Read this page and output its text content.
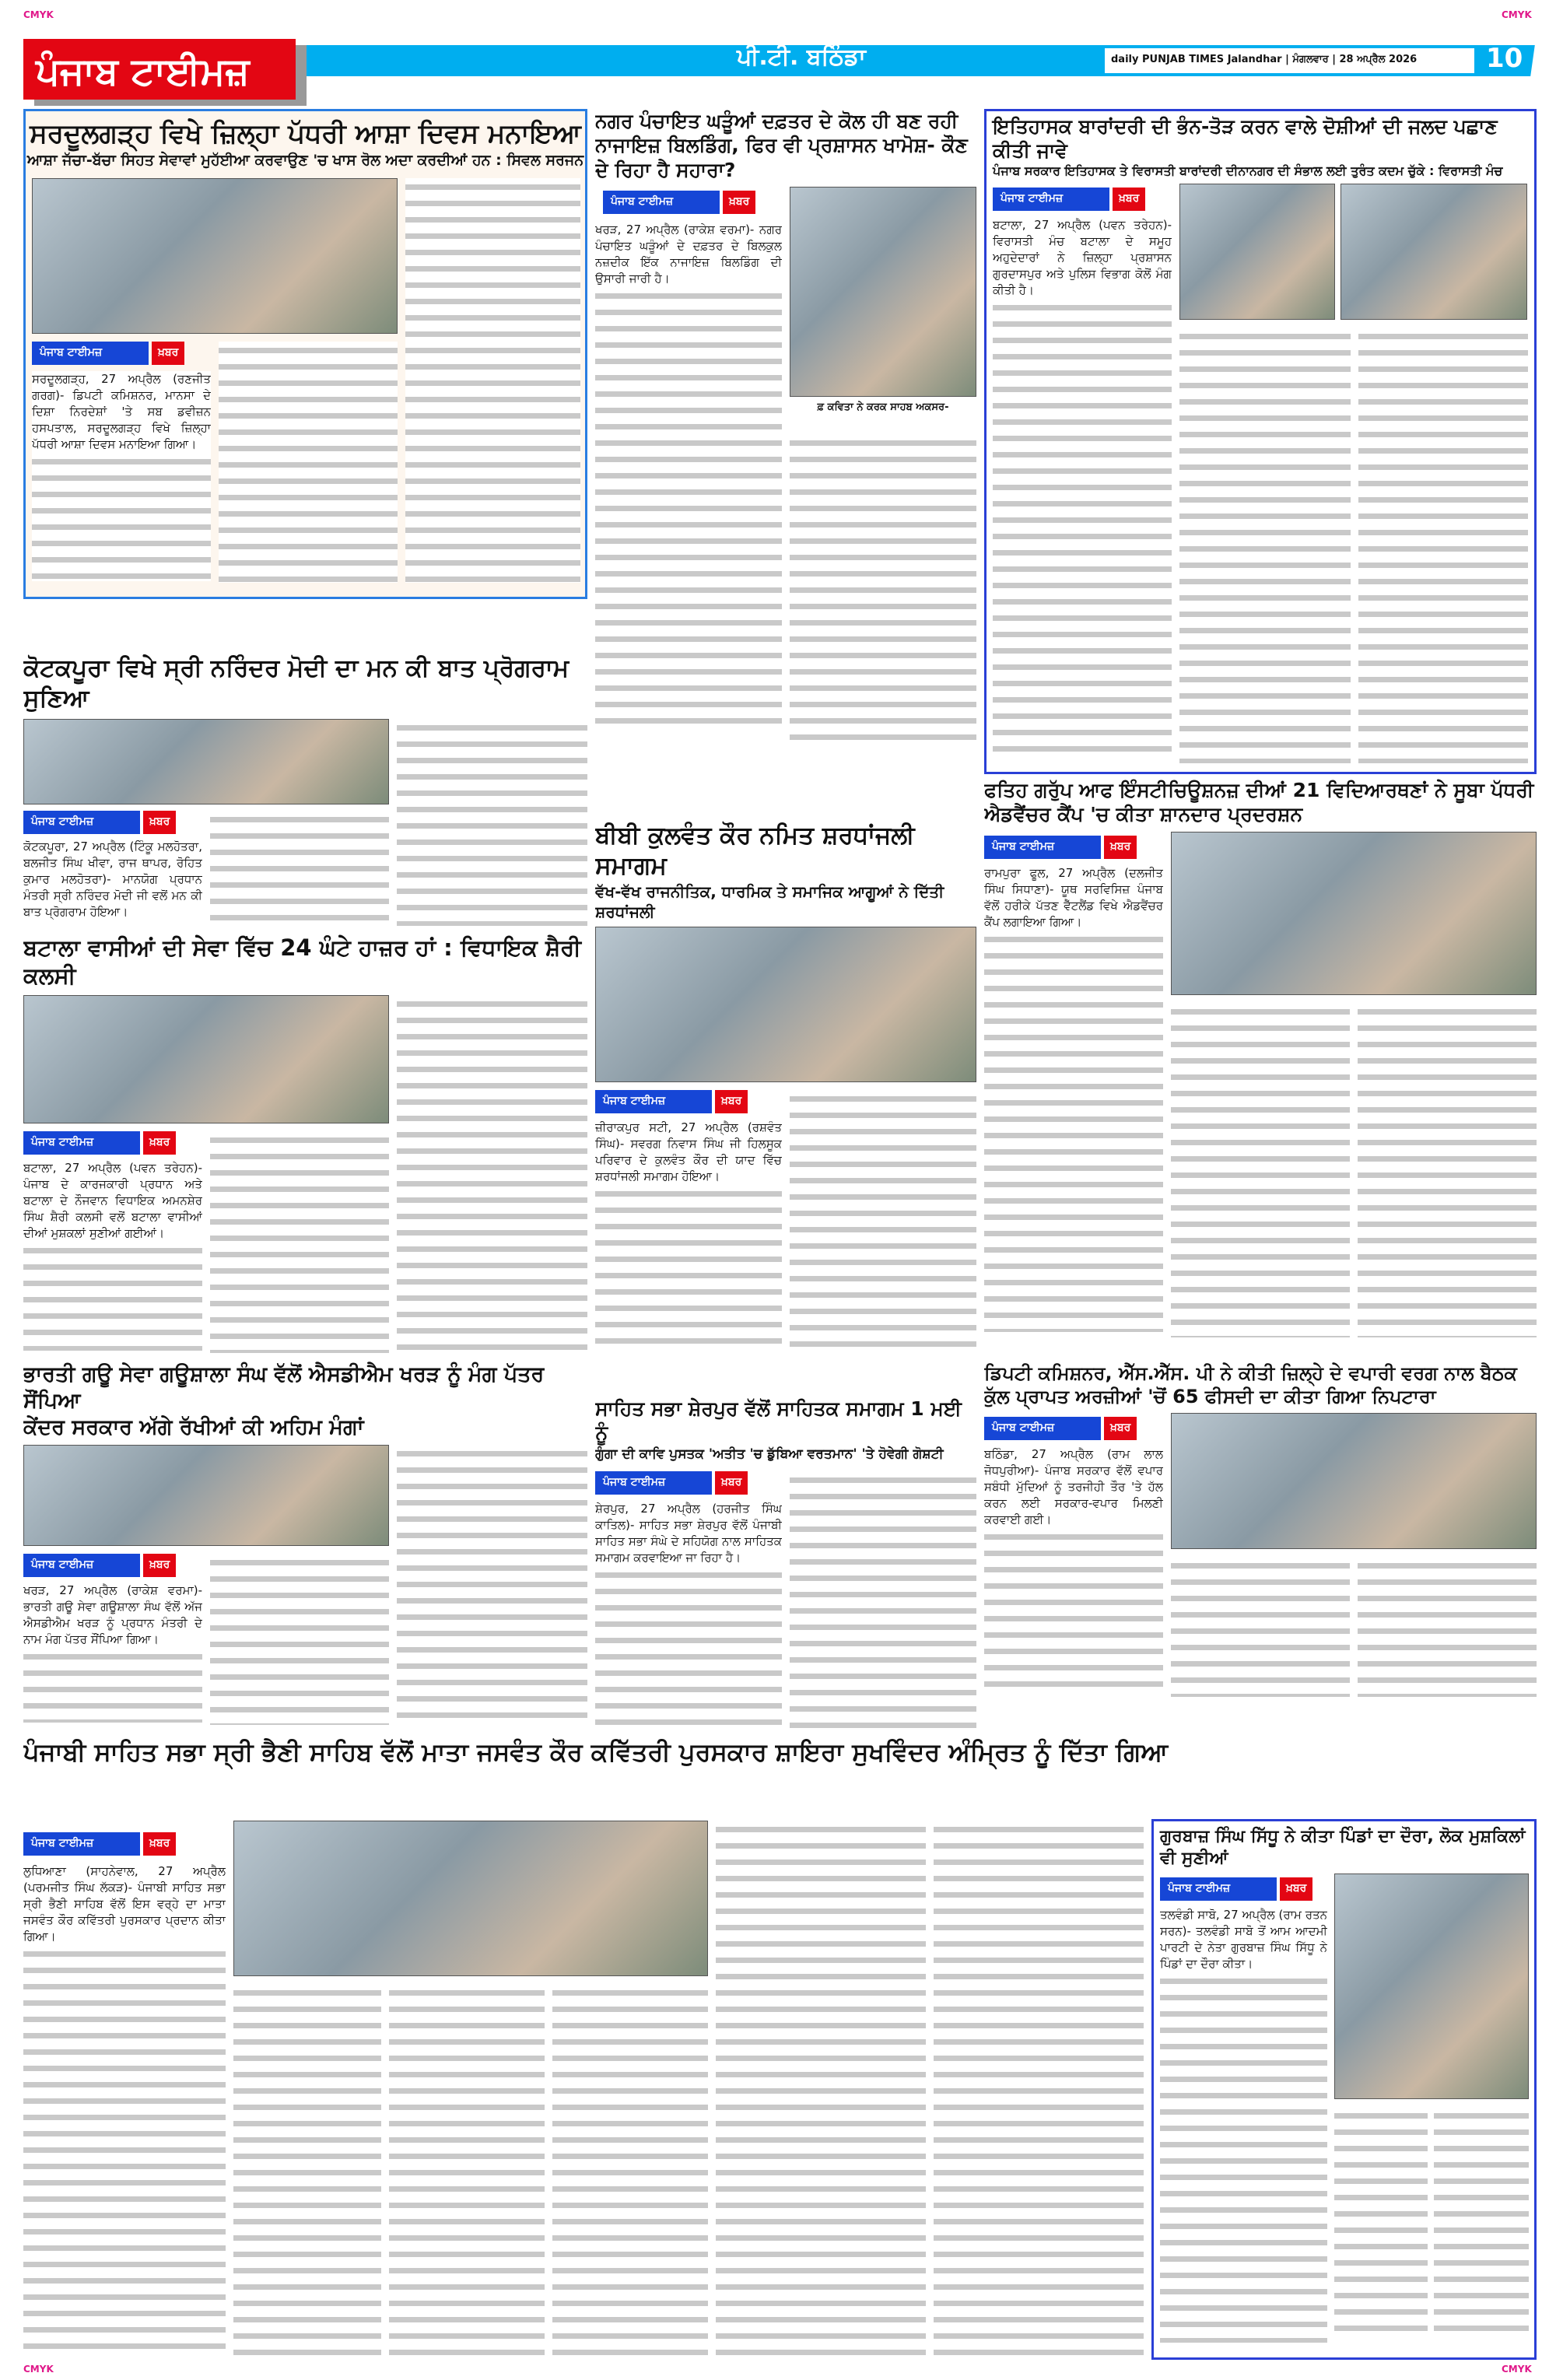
CMYK	CMYK
ਪੰਜਾਬ ਟਾਈਮਜ਼	ਪੀ.ਟੀ. ਬਠਿੰਡਾ	daily PUNJAB TIMES Jalandhar | ਮੰਗਲਵਾਰ | 28 ਅਪ੍ਰੈਲ 2026	10
ਸਰਦੂਲਗੜ੍ਹ ਵਿਖੇ ਜ਼ਿਲ੍ਹਾ ਪੱਧਰੀ ਆਸ਼ਾ ਦਿਵਸ ਮਨਾਇਆ
ਆਸ਼ਾ ਜੱਚਾ-ਬੱਚਾ ਸਿਹਤ ਸੇਵਾਵਾਂ ਮੁਹੱਈਆ ਕਰਵਾਉਣ 'ਚ ਖਾਸ ਰੋਲ ਅਦਾ ਕਰਦੀਆਂ ਹਨ : ਸਿਵਲ ਸਰਜਨ
ਪੰਜਾਬ ਟਾਈਮਜ਼	ਖ਼ਬਰ

ਸਰਦੂਲਗੜ੍ਹ, 27 ਅਪ੍ਰੈਲ (ਰਣਜੀਤ ਗਰਗ)- ਡਿਪਟੀ ਕਮਿਸ਼ਨਰ, ਮਾਨਸਾ ਦੇ ਦਿਸ਼ਾ ਨਿਰਦੇਸ਼ਾਂ 'ਤੇ ਸਬ ਡਵੀਜ਼ਨ ਹਸਪਤਾਲ, ਸਰਦੂਲਗੜ੍ਹ ਵਿਖੇ ਜ਼ਿਲ੍ਹਾ ਪੱਧਰੀ ਆਸ਼ਾ ਦਿਵਸ ਮਨਾਇਆ ਗਿਆ।

ਕੋਟਕਪੂਰਾ ਵਿਖੇ ਸ੍ਰੀ ਨਰਿੰਦਰ ਮੋਦੀ ਦਾ ਮਨ ਕੀ ਬਾਤ ਪ੍ਰੋਗਰਾਮ ਸੁਣਿਆ
ਪੰਜਾਬ ਟਾਈਮਜ਼	ਖ਼ਬਰ

ਕੋਟਕਪੂਰਾ, 27 ਅਪ੍ਰੈਲ (ਟਿੰਕੂ ਮਲਹੋਤਰਾ, ਬਲਜੀਤ ਸਿੰਘ ਖੀਵਾ, ਰਾਜ ਥਾਪਰ, ਰੋਹਿਤ ਕੁਮਾਰ ਮਲਹੋਤਰਾ)- ਮਾਨਯੋਗ ਪ੍ਰਧਾਨ ਮੰਤਰੀ ਸ੍ਰੀ ਨਰਿੰਦਰ ਮੋਦੀ ਜੀ ਵਲੋਂ ਮਨ ਕੀ ਬਾਤ ਪ੍ਰੋਗਰਾਮ ਹੋਇਆ।

ਬਟਾਲਾ ਵਾਸੀਆਂ ਦੀ ਸੇਵਾ ਵਿੱਚ 24 ਘੰਟੇ ਹਾਜ਼ਰ ਹਾਂ : ਵਿਧਾਇਕ ਸ਼ੈਰੀ ਕਲਸੀ
ਪੰਜਾਬ ਟਾਈਮਜ਼	ਖ਼ਬਰ

ਬਟਾਲਾ, 27 ਅਪ੍ਰੈਲ (ਪਵਨ ਤਰੇਹਨ)- ਪੰਜਾਬ ਦੇ ਕਾਰਜਕਾਰੀ ਪ੍ਰਧਾਨ ਅਤੇ ਬਟਾਲਾ ਦੇ ਨੌਜਵਾਨ ਵਿਧਾਇਕ ਅਮਨਸ਼ੇਰ ਸਿੰਘ ਸ਼ੈਰੀ ਕਲਸੀ ਵਲੋਂ ਬਟਾਲਾ ਵਾਸੀਆਂ ਦੀਆਂ ਮੁਸ਼ਕਲਾਂ ਸੁਣੀਆਂ ਗਈਆਂ।

ਭਾਰਤੀ ਗਊ ਸੇਵਾ ਗਊਸ਼ਾਲਾ ਸੰਘ ਵੱਲੋਂ ਐਸਡੀਐਮ ਖਰੜ ਨੂੰ ਮੰਗ ਪੱਤਰ ਸੌਂਪਿਆ
ਕੇਂਦਰ ਸਰਕਾਰ ਅੱਗੇ ਰੱਖੀਆਂ ਕੀ ਅਹਿਮ ਮੰਗਾਂ
ਪੰਜਾਬ ਟਾਈਮਜ਼	ਖ਼ਬਰ

ਖਰੜ, 27 ਅਪ੍ਰੈਲ (ਰਾਕੇਸ਼ ਵਰਮਾ)- ਭਾਰਤੀ ਗਊ ਸੇਵਾ ਗਊਸ਼ਾਲਾ ਸੰਘ ਵੱਲੋਂ ਅੱਜ ਐਸਡੀਐਮ ਖਰੜ ਨੂੰ ਪ੍ਰਧਾਨ ਮੰਤਰੀ ਦੇ ਨਾਮ ਮੰਗ ਪੱਤਰ ਸੌਂਪਿਆ ਗਿਆ।

ਨਗਰ ਪੰਚਾਇਤ ਘੜੂੰਆਂ ਦਫ਼ਤਰ ਦੇ ਕੋਲ ਹੀ ਬਣ ਰਹੀ ਨਾਜਾਇਜ਼ ਬਿਲਡਿੰਗ, ਫਿਰ ਵੀ ਪ੍ਰਸ਼ਾਸਨ ਖਾਮੋਸ਼- ਕੌਣ ਦੇ ਰਿਹਾ ਹੈ ਸਹਾਰਾ?
ਪੰਜਾਬ ਟਾਈਮਜ਼	ਖ਼ਬਰ

ਖਰੜ, 27 ਅਪ੍ਰੈਲ (ਰਾਕੇਸ਼ ਵਰਮਾ)- ਨਗਰ ਪੰਚਾਇਤ ਘੜੂੰਆਂ ਦੇ ਦਫ਼ਤਰ ਦੇ ਬਿਲਕੁਲ ਨਜ਼ਦੀਕ ਇੱਕ ਨਾਜਾਇਜ਼ ਬਿਲਡਿੰਗ ਦੀ ਉਸਾਰੀ ਜਾਰੀ ਹੈ।

ਫ਼ ਕਵਿਤਾ ਨੇ ਕਰਕ ਸਾਹਬ ਅਕਸਰ-
ਬੀਬੀ ਕੁਲਵੰਤ ਕੌਰ ਨਮਿਤ ਸ਼ਰਧਾਂਜਲੀ ਸਮਾਗਮ
ਵੱਖ-ਵੱਖ ਰਾਜਨੀਤਿਕ, ਧਾਰਮਿਕ ਤੇ ਸਮਾਜਿਕ ਆਗੂਆਂ ਨੇ ਦਿੱਤੀ ਸ਼ਰਧਾਂਜਲੀ
ਪੰਜਾਬ ਟਾਈਮਜ਼	ਖ਼ਬਰ

ਜ਼ੀਰਾਕਪੁਰ ਸਟੀ, 27 ਅਪ੍ਰੈਲ (ਰਸ਼ਵੰਤ ਸਿੰਘ)- ਸਵਰਗ ਨਿਵਾਸ ਸਿੰਘ ਜੀ ਹਿਲਸੂਕ ਪਰਿਵਾਰ ਦੇ ਕੁਲਵੰਤ ਕੌਰ ਦੀ ਯਾਦ ਵਿੱਚ ਸ਼ਰਧਾਂਜਲੀ ਸਮਾਗਮ ਹੋਇਆ।

ਸਾਹਿਤ ਸਭਾ ਸ਼ੇਰਪੁਰ ਵੱਲੋਂ ਸਾਹਿਤਕ ਸਮਾਗਮ 1 ਮਈ ਨੂੰ
ਗੁੰਗਾ ਦੀ ਕਾਵਿ ਪੁਸਤਕ 'ਅਤੀਤ 'ਚ ਡੁੱਬਿਆ ਵਰਤਮਾਨ' 'ਤੇ ਹੋਵੇਗੀ ਗੋਸ਼ਟੀ
ਪੰਜਾਬ ਟਾਈਮਜ਼	ਖ਼ਬਰ

ਸ਼ੇਰਪੁਰ, 27 ਅਪ੍ਰੈਲ (ਹਰਜੀਤ ਸਿੰਘ ਕਾਤਿਲ)- ਸਾਹਿਤ ਸਭਾ ਸ਼ੇਰਪੁਰ ਵੱਲੋਂ ਪੰਜਾਬੀ ਸਾਹਿਤ ਸਭਾ ਸੰਘੇ ਦੇ ਸਹਿਯੋਗ ਨਾਲ ਸਾਹਿਤਕ ਸਮਾਗਮ ਕਰਵਾਇਆ ਜਾ ਰਿਹਾ ਹੈ।

ਇਤਿਹਾਸਕ ਬਾਰਾਂਦਰੀ ਦੀ ਭੰਨ-ਤੋੜ ਕਰਨ ਵਾਲੇ ਦੋਸ਼ੀਆਂ ਦੀ ਜਲਦ ਪਛਾਣ ਕੀਤੀ ਜਾਵੇ
ਪੰਜਾਬ ਸਰਕਾਰ ਇਤਿਹਾਸਕ ਤੇ ਵਿਰਾਸਤੀ ਬਾਰਾਂਦਰੀ ਦੀਨਾਨਗਰ ਦੀ ਸੰਭਾਲ ਲਈ ਤੁਰੰਤ ਕਦਮ ਚੁੱਕੇ : ਵਿਰਾਸਤੀ ਮੰਚ
ਪੰਜਾਬ ਟਾਈਮਜ਼	ਖ਼ਬਰ

ਬਟਾਲਾ, 27 ਅਪ੍ਰੈਲ (ਪਵਨ ਤਰੇਹਨ)- ਵਿਰਾਸਤੀ ਮੰਚ ਬਟਾਲਾ ਦੇ ਸਮੂਹ ਅਹੁਦੇਦਾਰਾਂ ਨੇ ਜ਼ਿਲ੍ਹਾ ਪ੍ਰਸ਼ਾਸਨ ਗੁਰਦਾਸਪੁਰ ਅਤੇ ਪੁਲਿਸ ਵਿਭਾਗ ਕੋਲੋਂ ਮੰਗ ਕੀਤੀ ਹੈ।

ਫਤਿਹ ਗਰੁੱਪ ਆਫ ਇੰਸਟੀਚਿਊਸ਼ਨਜ਼ ਦੀਆਂ 21 ਵਿਦਿਆਰਥਣਾਂ ਨੇ ਸੂਬਾ ਪੱਧਰੀ ਐਡਵੈਂਚਰ ਕੈਂਪ 'ਚ ਕੀਤਾ ਸ਼ਾਨਦਾਰ ਪ੍ਰਦਰਸ਼ਨ
ਪੰਜਾਬ ਟਾਈਮਜ਼	ਖ਼ਬਰ

ਰਾਮਪੁਰਾ ਫੂਲ, 27 ਅਪ੍ਰੈਲ (ਦਲਜੀਤ ਸਿੰਘ ਸਿਧਾਣਾ)- ਯੂਥ ਸਰਵਿਸਿਜ਼ ਪੰਜਾਬ ਵੱਲੋਂ ਹਰੀਕੇ ਪੱਤਣ ਵੈੱਟਲੈਂਡ ਵਿਖੇ ਐਡਵੈਂਚਰ ਕੈਂਪ ਲਗਾਇਆ ਗਿਆ।

ਡਿਪਟੀ ਕਮਿਸ਼ਨਰ, ਐੱਸ.ਐੱਸ. ਪੀ ਨੇ ਕੀਤੀ ਜ਼ਿਲ੍ਹੇ ਦੇ ਵਪਾਰੀ ਵਰਗ ਨਾਲ ਬੈਠਕ
ਕੁੱਲ ਪ੍ਰਾਪਤ ਅਰਜ਼ੀਆਂ 'ਚੋਂ 65 ਫੀਸਦੀ ਦਾ ਕੀਤਾ ਗਿਆ ਨਿਪਟਾਰਾ
ਪੰਜਾਬ ਟਾਈਮਜ਼	ਖ਼ਬਰ

ਬਠਿੰਡਾ, 27 ਅਪ੍ਰੈਲ (ਰਾਮ ਲਾਲ ਜੋਧਪੁਰੀਆ)- ਪੰਜਾਬ ਸਰਕਾਰ ਵੱਲੋਂ ਵਪਾਰ ਸਬੰਧੀ ਮੁੱਦਿਆਂ ਨੂੰ ਤਰਜੀਹੀ ਤੌਰ 'ਤੇ ਹੱਲ ਕਰਨ ਲਈ ਸਰਕਾਰ-ਵਪਾਰ ਮਿਲਣੀ ਕਰਵਾਈ ਗਈ।

ਪੰਜਾਬੀ ਸਾਹਿਤ ਸਭਾ ਸ੍ਰੀ ਭੈਣੀ ਸਾਹਿਬ ਵੱਲੋਂ ਮਾਤਾ ਜਸਵੰਤ ਕੌਰ ਕਵਿੱਤਰੀ ਪੁਰਸਕਾਰ ਸ਼ਾਇਰਾ ਸੁਖਵਿੰਦਰ ਅੰਮ੍ਰਿਤ ਨੂੰ ਦਿੱਤਾ ਗਿਆ
ਪੰਜਾਬ ਟਾਈਮਜ਼	ਖ਼ਬਰ

ਲੁਧਿਆਣਾ (ਸਾਹਨੇਵਾਲ, 27 ਅਪ੍ਰੈਲ (ਪਰਮਜੀਤ ਸਿੰਘ ਲੱਕੜ)- ਪੰਜਾਬੀ ਸਾਹਿਤ ਸਭਾ ਸ੍ਰੀ ਭੈਣੀ ਸਾਹਿਬ ਵੱਲੋਂ ਇਸ ਵਰ੍ਹੇ ਦਾ ਮਾਤਾ ਜਸਵੰਤ ਕੌਰ ਕਵਿੱਤਰੀ ਪੁਰਸਕਾਰ ਪ੍ਰਦਾਨ ਕੀਤਾ ਗਿਆ।

ਗੁਰਬਾਜ਼ ਸਿੰਘ ਸਿੱਧੂ ਨੇ ਕੀਤਾ ਪਿੰਡਾਂ ਦਾ ਦੌਰਾ, ਲੋਕ ਮੁਸ਼ਕਿਲਾਂ ਵੀ ਸੁਣੀਆਂ
ਪੰਜਾਬ ਟਾਈਮਜ਼	ਖ਼ਬਰ

ਤਲਵੰਡੀ ਸਾਬੋ, 27 ਅਪ੍ਰੈਲ (ਰਾਮ ਰਤਨ ਸਰਨ)- ਤਲਵੰਡੀ ਸਾਬੋ ਤੋਂ ਆਮ ਆਦਮੀ ਪਾਰਟੀ ਦੇ ਨੇਤਾ ਗੁਰਬਾਜ਼ ਸਿੰਘ ਸਿੱਧੂ ਨੇ ਪਿੰਡਾਂ ਦਾ ਦੌਰਾ ਕੀਤਾ।

CMYK	CMYK
